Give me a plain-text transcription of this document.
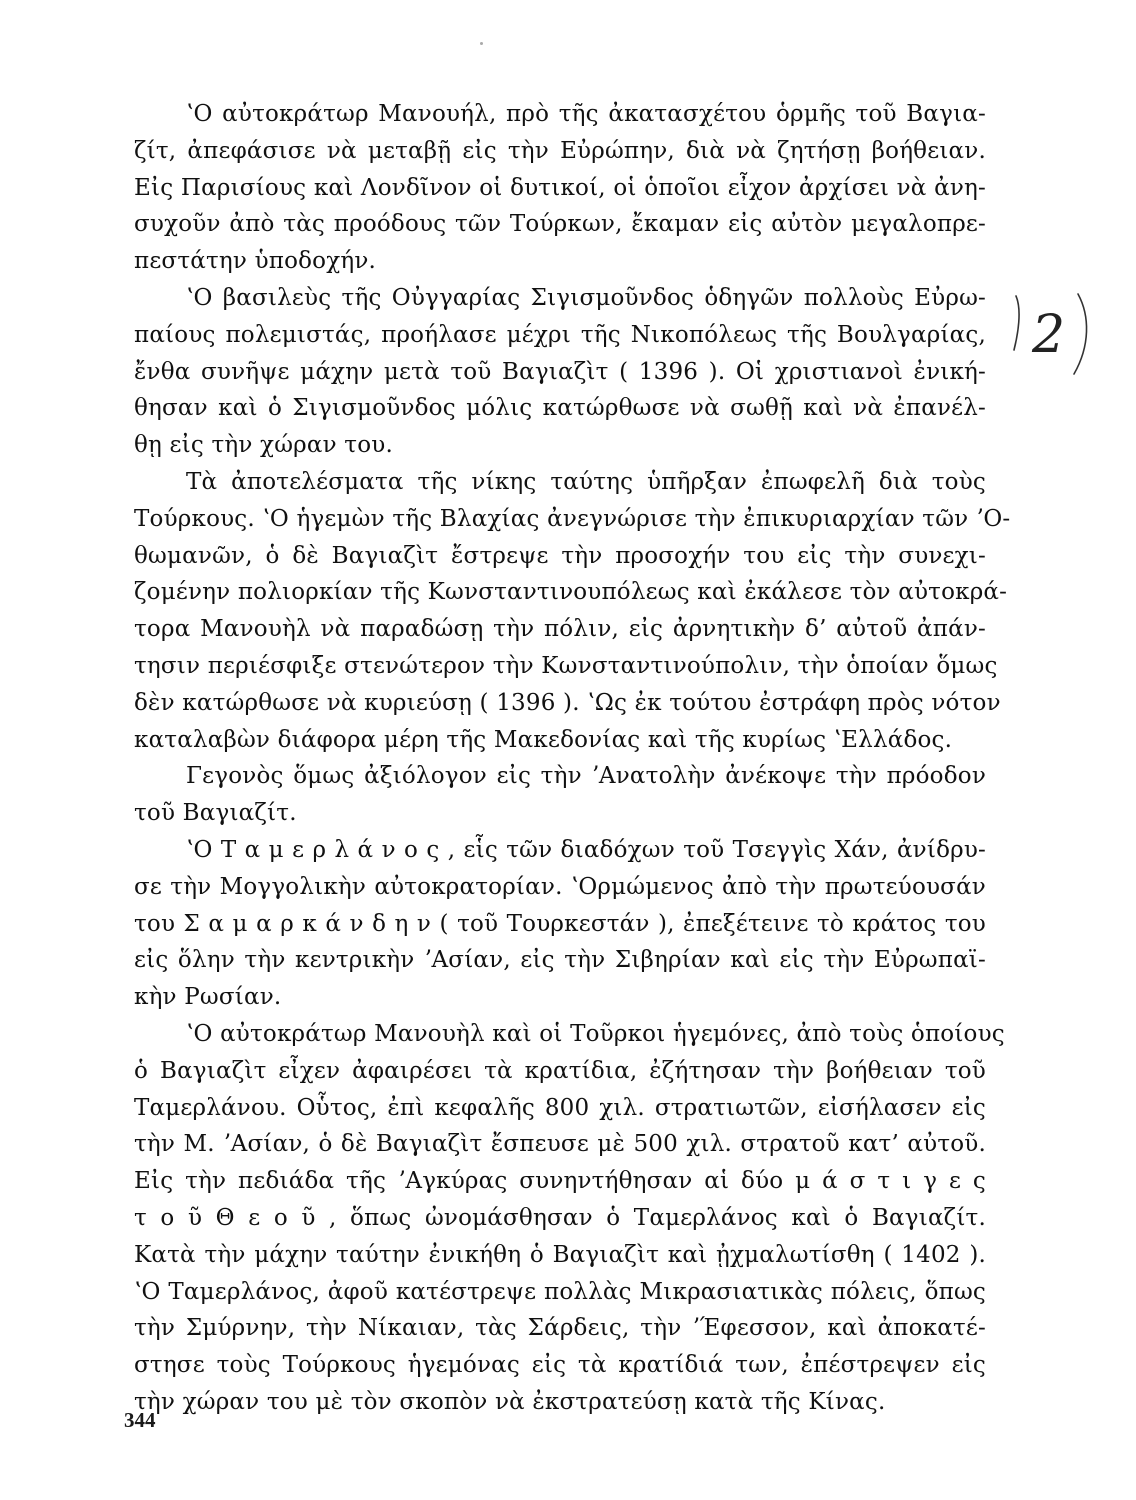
ʽΟ αὐτοκράτωρ Μανουήλ, πρὸ τῆς ἀκατασχέτου ὁρμῆς τοῦ Βαγια-
ζίτ, ἀπεφάσισε νὰ μεταβῇ εἰς τὴν Εὐρώπην, διὰ νὰ ζητήσῃ βοήθειαν.
Εἰς Παρισίους καὶ Λονδῖνον οἱ δυτικοί, οἱ ὁποῖοι εἶχον ἀρχίσει νὰ ἀνη-
συχοῦν ἀπὸ τὰς προόδους τῶν Τούρκων, ἔκαμαν εἰς αὐτὸν μεγαλοπρε-
πεστάτην ὑποδοχήν.
ʽΟ βασιλεὺς τῆς Οὐγγαρίας Σιγισμοῦνδος ὁδηγῶν πολλοὺς Εὐρω-
παίους πολεμιστάς, προήλασε μέχρι τῆς Νικοπόλεως τῆς Βουλγαρίας,
ἔνθα συνῆψε μάχην μετὰ τοῦ Βαγιαζὶτ ( 1396 ). Οἱ χριστιανοὶ ἐνική-
θησαν καὶ ὁ Σιγισμοῦνδος μόλις κατώρθωσε νὰ σωθῇ καὶ νὰ ἐπανέλ-
θῃ εἰς τὴν χώραν του.
Τὰ ἀποτελέσματα τῆς νίκης ταύτης ὑπῆρξαν ἐπωφελῆ διὰ τοὺς
Τούρκους. ʽΟ ἡγεμὼν τῆς Βλαχίας ἀνεγνώρισε τὴν ἐπικυριαρχίαν τῶν ʼΟ-
θωμανῶν, ὁ δὲ Βαγιαζὶτ ἔστρεψε τὴν προσοχήν του εἰς τὴν συνεχι-
ζομένην πολιορκίαν τῆς Κωνσταντινουπόλεως καὶ ἐκάλεσε τὸν αὐτοκρά-
τορα Μανουὴλ νὰ παραδώσῃ τὴν πόλιν, εἰς ἀρνητικὴν δ’ αὐτοῦ ἀπάν-
τησιν περιέσφιξε στενώτερον τὴν Κωνσταντινούπολιν, τὴν ὁποίαν ὅμως
δὲν κατώρθωσε νὰ κυριεύσῃ ( 1396 ). ʽΩς ἐκ τούτου ἐστράφη πρὸς νότον
καταλαβὼν διάφορα μέρη τῆς Μακεδονίας καὶ τῆς κυρίως ʽΕλλάδος.
Γεγονὸς ὅμως ἀξιόλογον εἰς τὴν ʼΑνατολὴν ἀνέκοψε τὴν πρόοδον
τοῦ Βαγιαζίτ.
ʽΟ Τ α μ ε ρ λ ά ν ο ς , εἷς τῶν διαδόχων τοῦ Τσεγγὶς Χάν, ἀνίδρυ-
σε τὴν Μογγολικὴν αὐτοκρατορίαν. ʽΟρμώμενος ἀπὸ τὴν πρωτεύουσάν
του Σ α μ α ρ κ ά ν δ η ν ( τοῦ Τουρκεστάν ), ἐπεξέτεινε τὸ κράτος του
εἰς ὅλην τὴν κεντρικὴν ʼΑσίαν, εἰς τὴν Σιβηρίαν καὶ εἰς τὴν Εὐρωπαϊ-
κὴν Ρωσίαν.
ʽΟ αὐτοκράτωρ Μανουὴλ καὶ οἱ Τοῦρκοι ἡγεμόνες, ἀπὸ τοὺς ὁποίους
ὁ Βαγιαζὶτ εἶχεν ἀφαιρέσει τὰ κρατίδια, ἐζήτησαν τὴν βοήθειαν τοῦ
Ταμερλάνου. Οὗτος, ἐπὶ κεφαλῆς 800 χιλ. στρατιωτῶν, εἰσήλασεν εἰς
τὴν Μ. ʼΑσίαν, ὁ δὲ Βαγιαζὶτ ἔσπευσε μὲ 500 χιλ. στρατοῦ κατ’ αὐτοῦ.
Εἰς τὴν πεδιάδα τῆς ʼΑγκύρας συνηντήθησαν αἱ δύο μ ά σ τ ι γ ε ς
τ ο ῦ Θ ε ο ῦ , ὅπως ὠνομάσθησαν ὁ Ταμερλάνος καὶ ὁ Βαγιαζίτ.
Κατὰ τὴν μάχην ταύτην ἐνικήθη ὁ Βαγιαζὶτ καὶ ᾐχμαλωτίσθη ( 1402 ).
ʽΟ Ταμερλάνος, ἀφοῦ κατέστρεψε πολλὰς Μικρασιατικὰς πόλεις, ὅπως
τὴν Σμύρνην, τὴν Νίκαιαν, τὰς Σάρδεις, τὴν ʼΈφεσσον, καὶ ἀποκατέ-
στησε τοὺς Τούρκους ἡγεμόνας εἰς τὰ κρατίδιά των, ἐπέστρεψεν εἰς
τὴν χώραν του μὲ τὸν σκοπὸν νὰ ἐκστρατεύσῃ κατὰ τῆς Κίνας.
2
344
